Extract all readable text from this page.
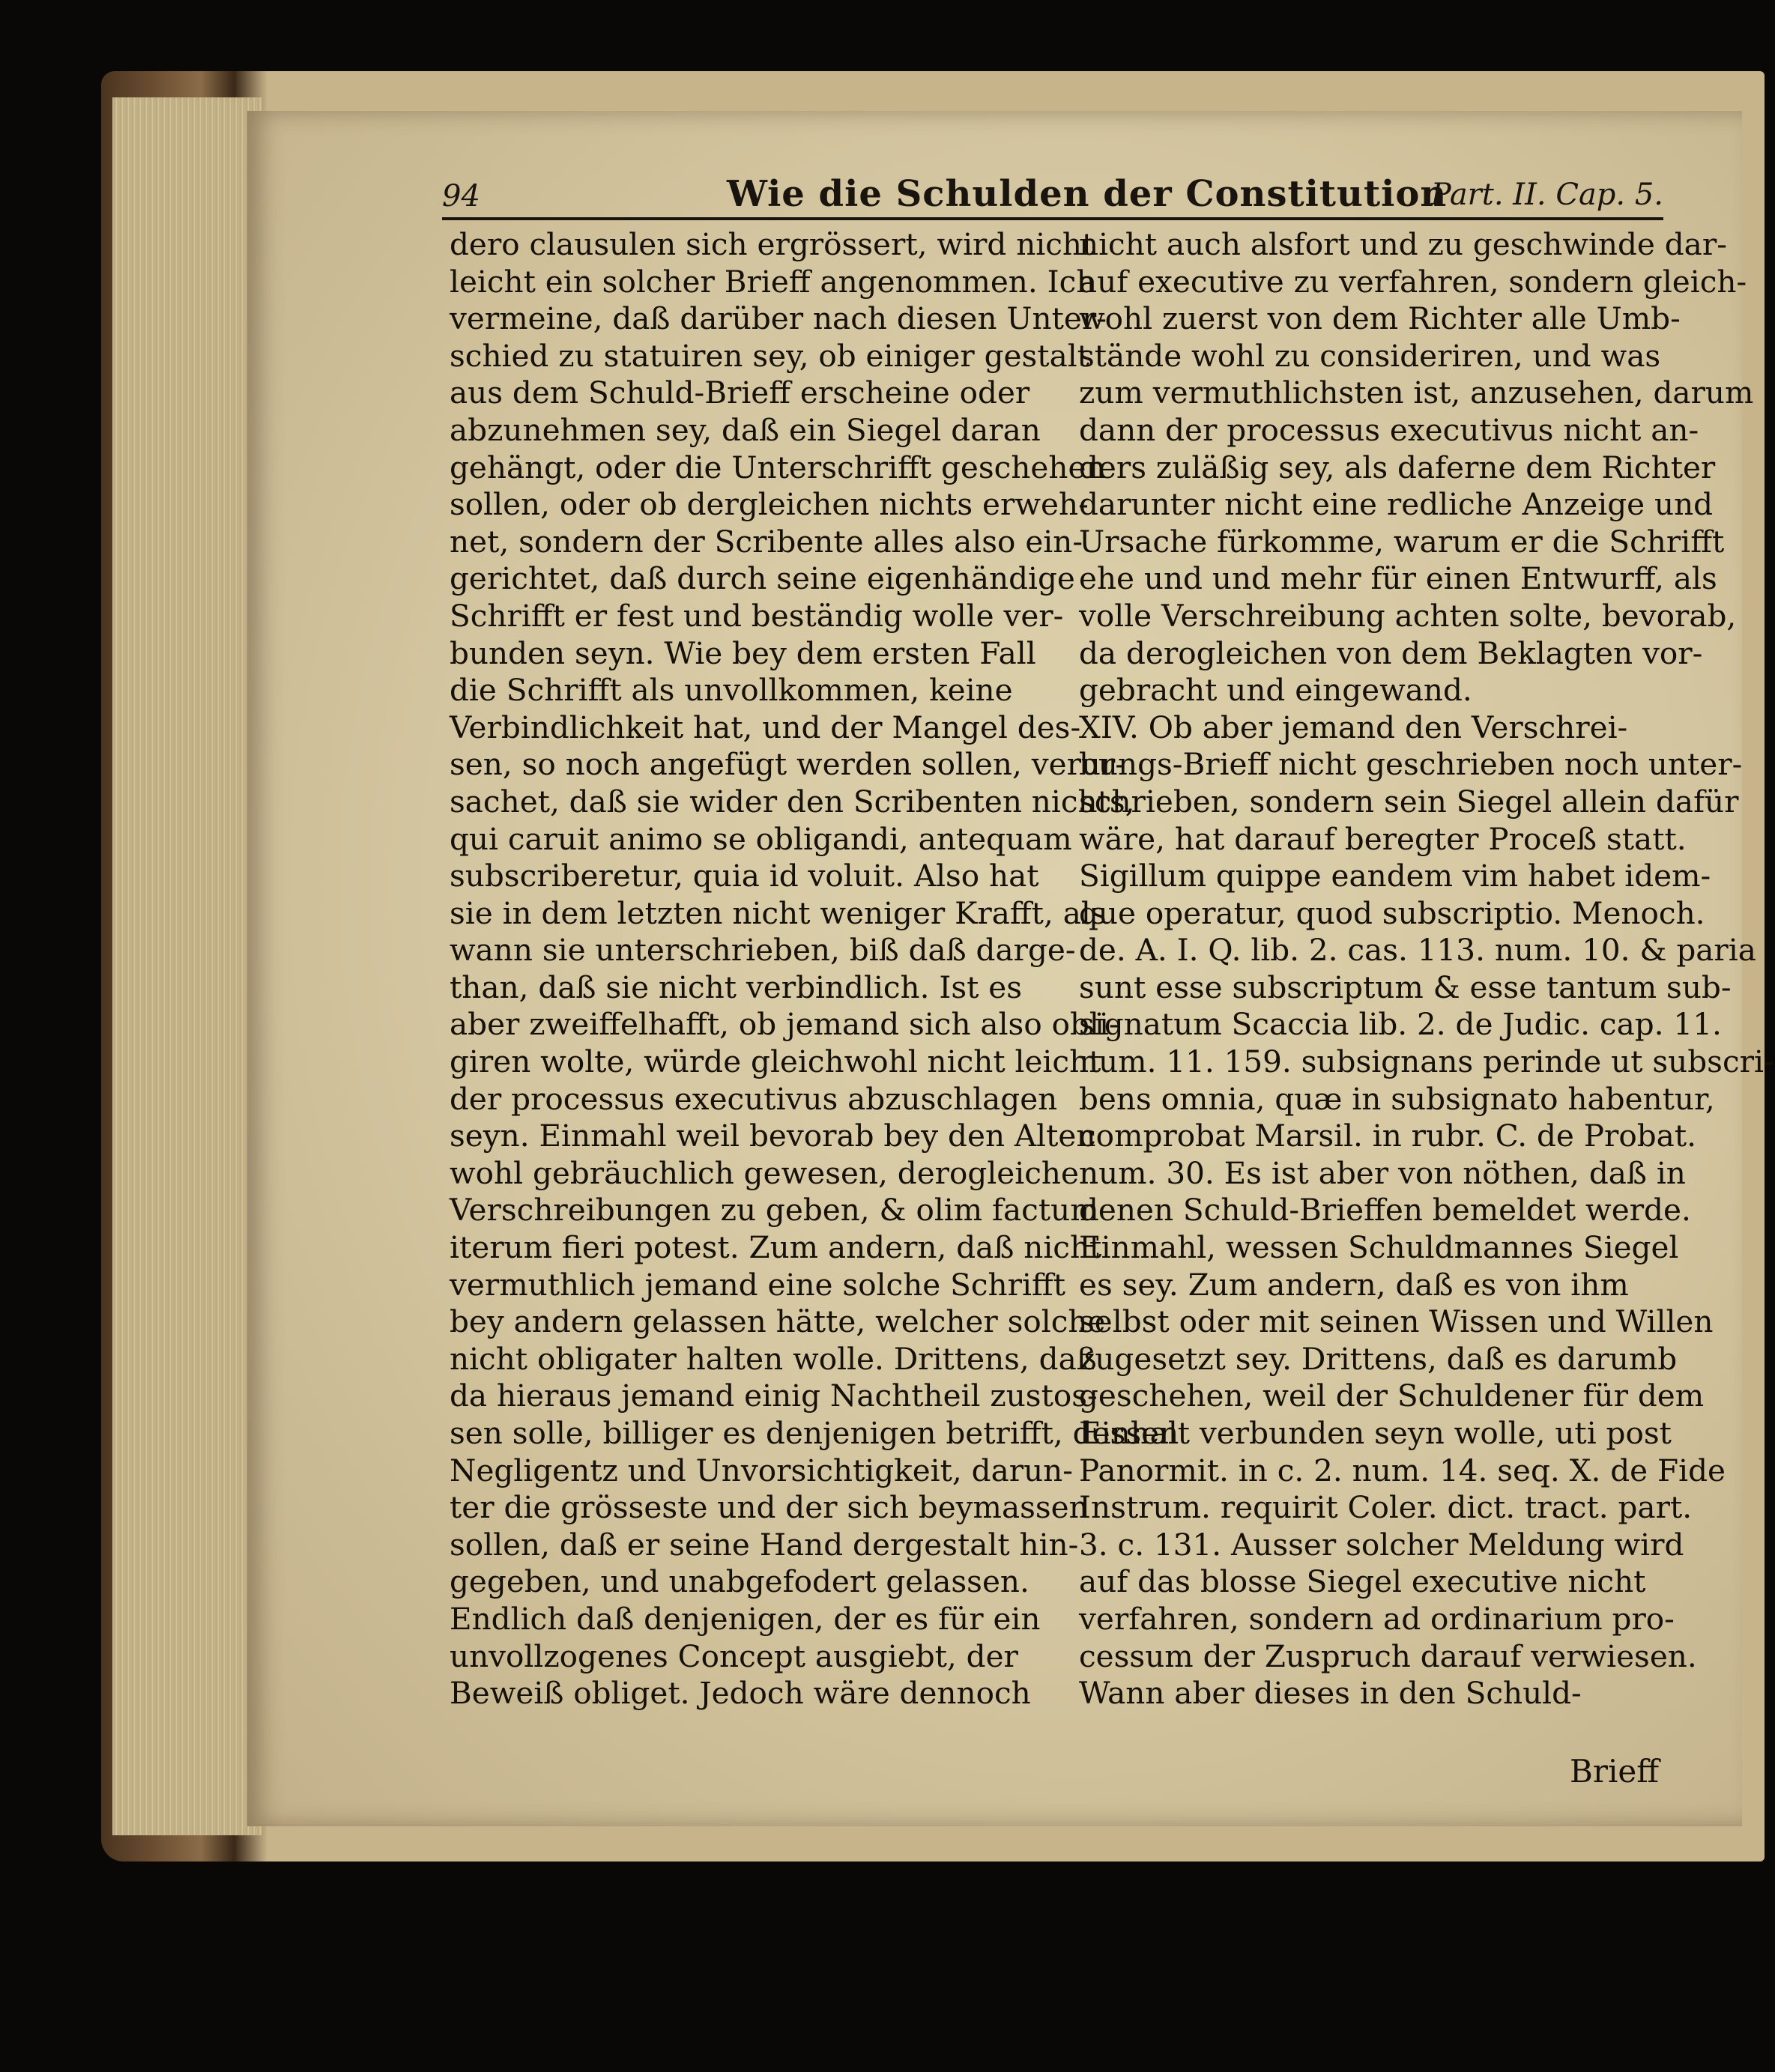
94	Wie die Schulden der Constitution
Part. II. Cap. 5.
dero clausulen sich ergrössert, wird nicht
leicht ein solcher Brieff angenommen. Ich
vermeine, daß darüber nach diesen Unter-
schied zu statuiren sey, ob einiger gestalt
aus dem Schuld-Brieff erscheine oder
abzunehmen sey, daß ein Siegel daran
gehängt, oder die Unterschrifft geschehen
sollen, oder ob dergleichen nichts erweh-
net, sondern der Scribente alles also ein-
gerichtet, daß durch seine eigenhändige
Schrifft er fest und beständig wolle ver-
bunden seyn. Wie bey dem ersten Fall
die Schrifft als unvollkommen, keine
Verbindlichkeit hat, und der Mangel des-
sen, so noch angefügt werden sollen, verur-
sachet, daß sie wider den Scribenten nichts,
qui caruit animo se obligandi, antequam
subscriberetur, quia id voluit. Also hat
sie in dem letzten nicht weniger Krafft, als
wann sie unterschrieben, biß daß darge-
than, daß sie nicht verbindlich. Ist es
aber zweiffelhafft, ob jemand sich also obli-
giren wolte, würde gleichwohl nicht leicht
der processus executivus abzuschlagen
seyn. Einmahl weil bevorab bey den Alten
wohl gebräuchlich gewesen, derogleichen
Verschreibungen zu geben, & olim factum
iterum fieri potest. Zum andern, daß nicht
vermuthlich jemand eine solche Schrifft
bey andern gelassen hätte, welcher solche
nicht obligater halten wolle. Drittens, daß
da hieraus jemand einig Nachtheil zustos-
sen solle, billiger es denjenigen betrifft, dessen
Negligentz und Unvorsichtigkeit, darun-
ter die grösseste und der sich beymassen
sollen, daß er seine Hand dergestalt hin-
gegeben, und unabgefodert gelassen.
Endlich daß denjenigen, der es für ein
unvollzogenes Concept ausgiebt, der
Beweiß obliget. Jedoch wäre dennoch
nicht auch alsfort und zu geschwinde dar-
auf executive zu verfahren, sondern gleich-
wohl zuerst von dem Richter alle Umb-
stände wohl zu consideriren, und was
zum vermuthlichsten ist, anzusehen, darum
dann der processus executivus nicht an-
ders zuläßig sey, als daferne dem Richter
darunter nicht eine redliche Anzeige und
Ursache fürkomme, warum er die Schrifft
ehe und und mehr für einen Entwurff, als
volle Verschreibung achten solte, bevorab,
da derogleichen von dem Beklagten vor-
gebracht und eingewand.
XIV. Ob aber jemand den Verschrei-
bungs-Brieff nicht geschrieben noch unter-
schrieben, sondern sein Siegel allein dafür
wäre, hat darauf beregter Proceß statt.
Sigillum quippe eandem vim habet idem-
que operatur, quod subscriptio. Menoch.
de. A. I. Q. lib. 2. cas. 113. num. 10. & paria
sunt esse subscriptum & esse tantum sub-
signatum Scaccia lib. 2. de Judic. cap. 11.
num. 11. 159. subsignans perinde ut subscri-
bens omnia, quæ in subsignato habentur,
comprobat Marsil. in rubr. C. de Probat.
num. 30. Es ist aber von nöthen, daß in
denen Schuld-Brieffen bemeldet werde.
Einmahl, wessen Schuldmannes Siegel
es sey. Zum andern, daß es von ihm
selbst oder mit seinen Wissen und Willen
zugesetzt sey. Drittens, daß es darumb
geschehen, weil der Schuldener für dem
Einhalt verbunden seyn wolle, uti post
Panormit. in c. 2. num. 14. seq. X. de Fide
Instrum. requirit Coler. dict. tract. part.
3. c. 131. Ausser solcher Meldung wird
auf das blosse Siegel executive nicht
verfahren, sondern ad ordinarium pro-
cessum der Zuspruch darauf verwiesen.
Wann aber dieses in den Schuld-
Brieff
